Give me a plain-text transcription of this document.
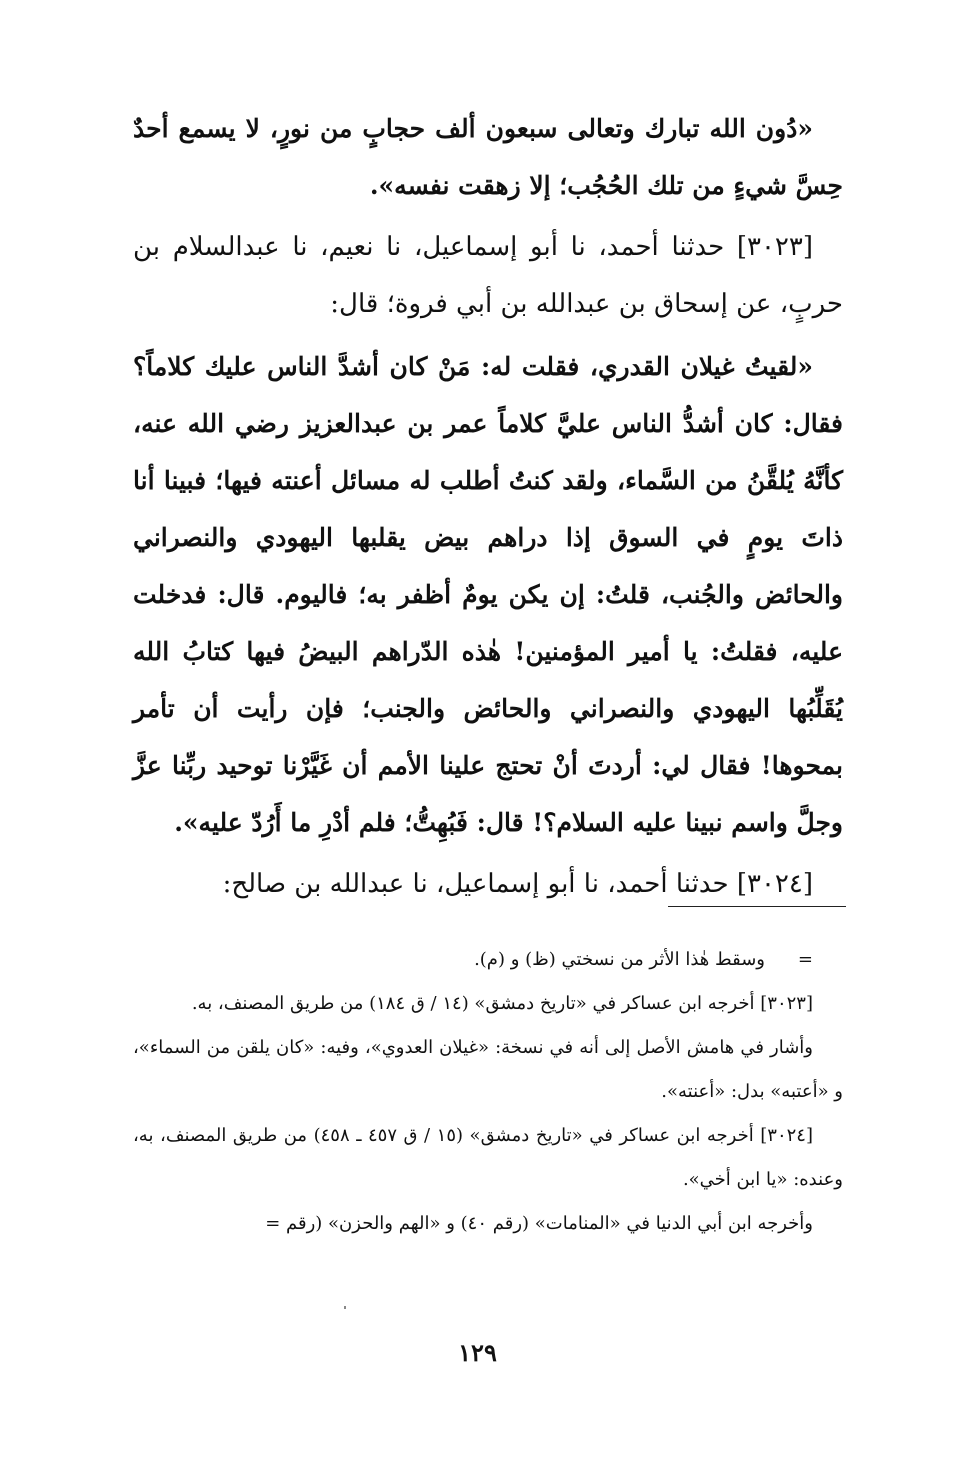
«دُون الله تبارك وتعالى سبعون ألف حجابٍ من نورٍ، لا يسمع أحدٌ حِسَّ شيءٍ من تلك الحُجُب؛ إلا زهقت نفسه».

[٣٠٢٣] حدثنا أحمد، نا أبو إسماعيل، نا نعيم، نا عبدالسلام بن حربٍ، عن إسحاق بن عبدالله بن أبي فروة؛ قال:

«لقيتُ غيلان القدري، فقلت له: مَنْ كان أشدَّ الناس عليك كلاماً؟ فقال: كان أشدُّ الناس عليَّ كلاماً عمر بن عبدالعزيز رضي الله عنه، كأنَّهُ يُلقَّنُ من السَّماء، ولقد كنتُ أطلب له مسائل أعنته فيها؛ فبينا أنا ذاتَ يومٍ في السوق إذا دراهم بيض يقلبها اليهودي والنصراني والحائض والجُنب، قلتُ: إن يكن يومٌ أظفر به؛ فاليوم. قال: فدخلت عليه، فقلتُ: يا أمير المؤمنين! هٰذه الدّراهم البيضُ فيها كتابُ الله يُقَلِّبُها اليهودي والنصراني والحائض والجنب؛ فإن رأيت أن تأمر بمحوها! فقال لي: أردتَ أنْ تحتج علينا الأمم أن غَيَّرْنا توحيد ربِّنا عزَّ وجلَّ واسم نبينا عليه السلام؟! قال: فَبُهِتُّ؛ فلم أدْرِ ما أَرُدّ عليه».

[٣٠٢٤] حدثنا أحمد، نا أبو إسماعيل، نا عبدالله بن صالح:

=وسقط هٰذا الأثر من نسختي (ظ) و (م).

[٣٠٢٣] أخرجه ابن عساكر في «تاريخ دمشق» (١٤ / ق ١٨٤) من طريق المصنف، به.

وأشار في هامش الأصل إلى أنه في نسخة: «غيلان العدوي»، وفيه: «كان يلقن من السماء»، و «أعتبه» بدل: «أعنته».

[٣٠٢٤] أخرجه ابن عساكر في «تاريخ دمشق» (١٥ / ق ٤٥٧ ـ ٤٥٨) من طريق المصنف، به، وعنده: «يا ابن أخي».

وأخرجه ابن أبي الدنيا في «المنامات» (رقم ٤٠) و «الهم والحزن» (رقم =

١٢٩
